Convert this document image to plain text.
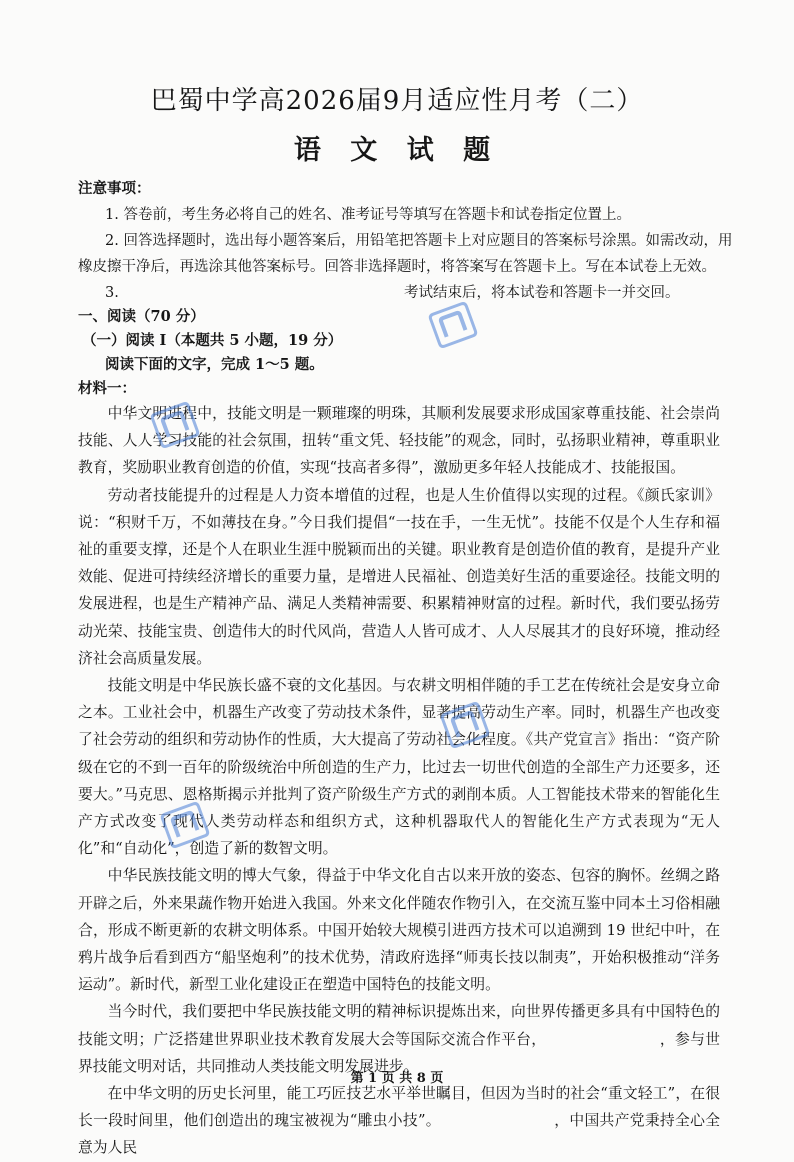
巴蜀中学高2026届9月适应性月考（二）
语 文 试 题
注意事项：
1. 答卷前，考生务必将自己的姓名、准考证号等填写在答题卡和试卷指定位置上。
2. 回答选择题时，选出每小题答案后，用铅笔把答题卡上对应题目的答案标号涂黑。如需改动，用
橡皮擦干净后，再选涂其他答案标号。回答非选择题时，将答案写在答题卡上。写在本试卷上无效。
3.	考试结束后，将本试卷和答题卡一并交回。
一、阅读（70 分）
（一）阅读 I（本题共 5 小题，19 分）
阅读下面的文字，完成 1～5 题。
材料一：

中华文明进程中，技能文明是一颗璀璨的明珠，其顺利发展要求形成国家尊重技能、社会崇尚技能、人人学习技能的社会氛围，扭转“重文凭、轻技能”的观念，同时，弘扬职业精神，尊重职业教育，奖励职业教育创造的价值，实现“技高者多得”，激励更多年轻人技能成才、技能报国。

劳动者技能提升的过程是人力资本增值的过程，也是人生价值得以实现的过程。《颜氏家训》说：“积财千万，不如薄技在身。”今日我们提倡“一技在手，一生无忧”。技能不仅是个人生存和福祉的重要支撑，还是个人在职业生涯中脱颖而出的关键。职业教育是创造价值的教育，是提升产业效能、促进可持续经济增长的重要力量，是增进人民福祉、创造美好生活的重要途径。技能文明的发展进程，也是生产精神产品、满足人类精神需要、积累精神财富的过程。新时代，我们要弘扬劳动光荣、技能宝贵、创造伟大的时代风尚，营造人人皆可成才、人人尽展其才的良好环境，推动经济社会高质量发展。

技能文明是中华民族长盛不衰的文化基因。与农耕文明相伴随的手工艺在传统社会是安身立命之本。工业社会中，机器生产改变了劳动技术条件，显著提高劳动生产率。同时，机器生产也改变了社会劳动的组织和劳动协作的性质，大大提高了劳动社会化程度。《共产党宣言》指出：“资产阶级在它的不到一百年的阶级统治中所创造的生产力，比过去一切世代创造的全部生产力还要多，还要大。”马克思、恩格斯揭示并批判了资产阶级生产方式的剥削本质。人工智能技术带来的智能化生产方式改变了现代人类劳动样态和组织方式，这种机器取代人的智能化生产方式表现为“无人化”和“自动化”，创造了新的数智文明。

中华民族技能文明的博大气象，得益于中华文化自古以来开放的姿态、包容的胸怀。丝绸之路开辟之后，外来果蔬作物开始进入我国。外来文化伴随农作物引入，在交流互鉴中同本土习俗相融合，形成不断更新的农耕文明体系。中国开始较大规模引进西方技术可以追溯到 19 世纪中叶，在鸦片战争后看到西方“船坚炮利”的技术优势，清政府选择“师夷长技以制夷”，开始积极推动“洋务运动”。新时代，新型工业化建设正在塑造中国特色的技能文明。

当今时代，我们要把中华民族技能文明的精神标识提炼出来，向世界传播更多具有中国特色的技能文明；广泛搭建世界职业技术教育发展大会等国际交流合作平台，　　　　　　　　，参与世界技能文明对话，共同推动人类技能文明发展进步。

在中华文明的历史长河里，能工巧匠技艺水平举世瞩目，但因为当时的社会“重文轻工”，在很长一段时间里，他们创造出的瑰宝被视为“雕虫小技”。　　　　　　　　，中国共产党秉持全心全意为人民

第 1 页 共 8 页
